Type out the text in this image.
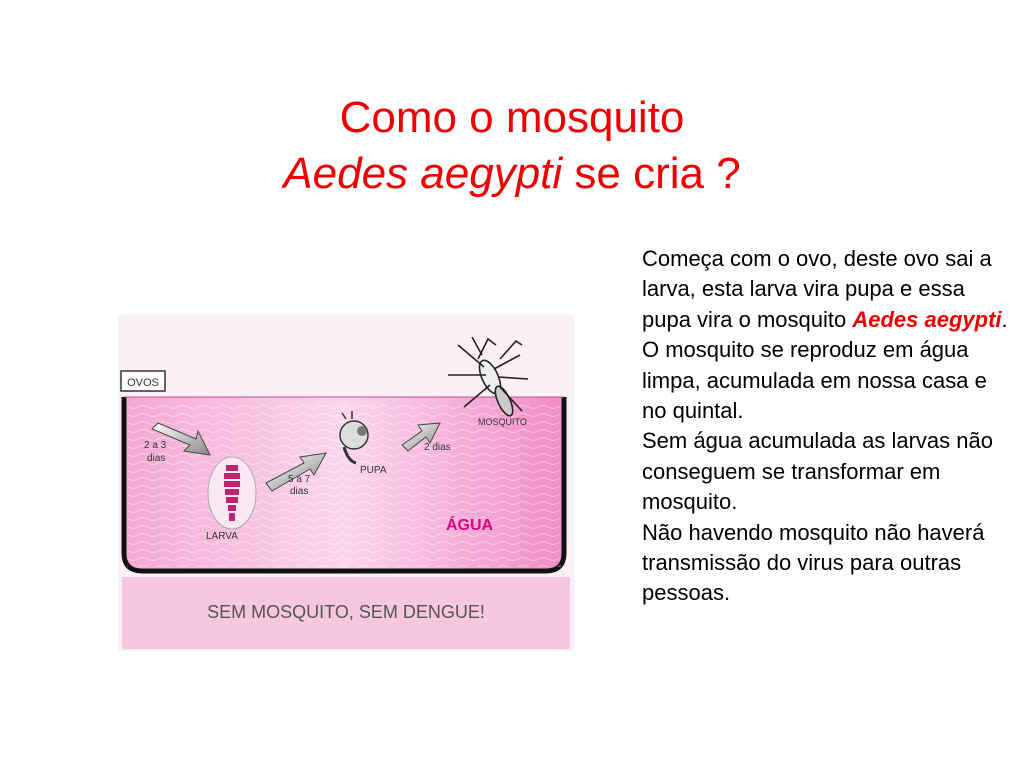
Como o mosquito
Aedes aegypti se cria ?
Começa com o ovo, deste ovo sai a larva, esta larva vira pupa e essa pupa vira o mosquito Aedes aegypti.
O mosquito se reproduz em água limpa, acumulada em nossa casa e no quintal.
Sem água acumulada as larvas não conseguem se transformar em mosquito.
Não havendo mosquito não haverá transmissão do virus para outras pessoas.
OVOS
2 a 3
dias
LARVA
5 a 7
dias
PUPA
2 dias
MOSQUITO
ÁGUA
SEM MOSQUITO, SEM DENGUE!
